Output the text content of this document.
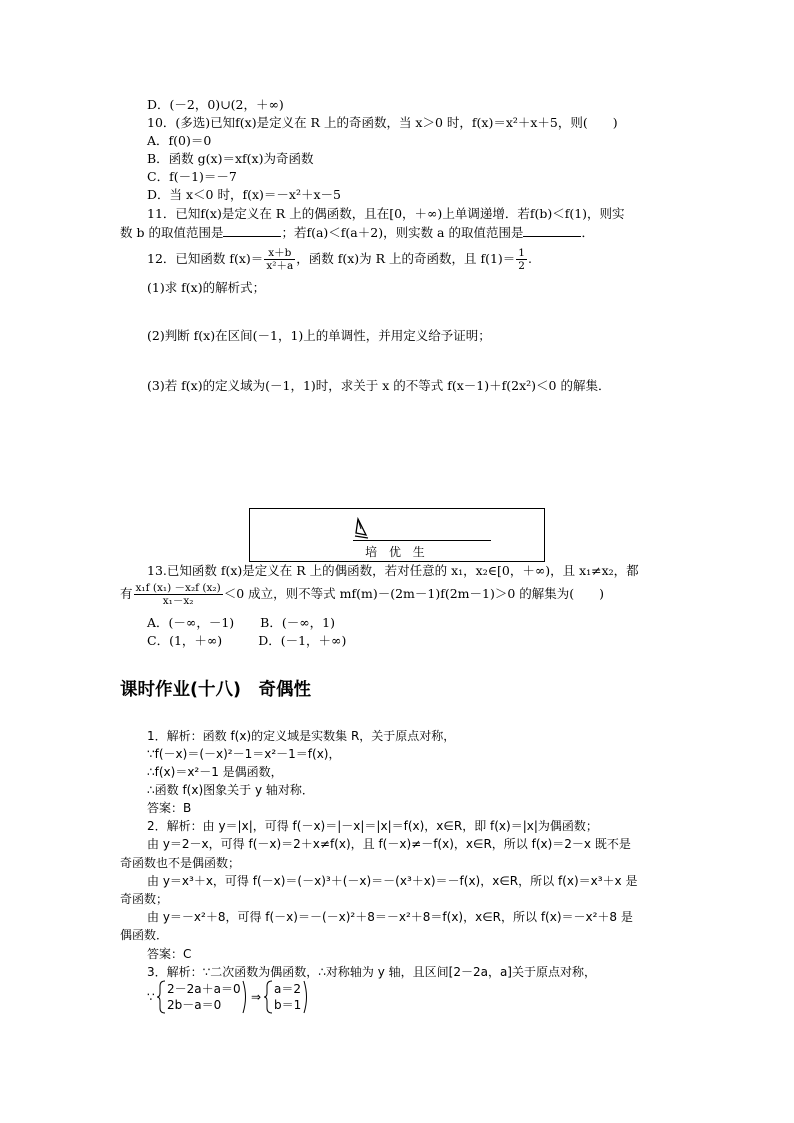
D．(－2，0)∪(2，＋∞)
10．(多选)已知f(x)是定义在 R 上的奇函数，当 x＞0 时，f(x)＝x²＋x＋5，则(　　)
A．f(0)＝0
B．函数 g(x)＝xf(x)为奇函数
C．f(－1)＝－7
D．当 x＜0 时，f(x)＝－x²＋x－5
11．已知f(x)是定义在 R 上的偶函数，且在[0，＋∞)上单调递增．若f(b)＜f(1)，则实
数 b 的取值范围是	；若f(a)＜f(a＋2)，则实数 a 的取值范围是	．
12．已知函数 $f(x)= \frac{x+b}{\text{x²＋a}}$ ，函数 f(x)为 R 上的奇函数，且 $f(1)= \frac{1}{2}$ .
(1)求 f(x)的解析式；
(2)判断 f(x)在区间(－1，1)上的单调性，并用定义给予证明；
(3)若 f(x)的定义域为(－1，1)时，求关于 x 的不等式 f(x－1)＋f(2x²)＜0 的解集．
培 优 生
13.已知函数 f(x)是定义在 R 上的偶函数，若对任意的 x₁，x₂∈[0，＋∞)，且 x₁≠x₂，都
有 $\frac{\text{x₁f (x₁) －x₂f (x₂)}}{\text{x₁－x₂}} <0$ 成立，则不等式 mf(m)－(2m－1)f(2m－1)＞0 的解集为(　　)
A．(－∞，－1) B．(－∞，1)
C．(1，＋∞)	D．(－1，＋∞)
课时作业(十八)　奇偶性
1．解析：函数 f(x)的定义域是实数集 R，关于原点对称，
∵f(－x)＝(－x)²－1＝x²－1＝f(x)，
∴f(x)＝x²－1 是偶函数，
∴函数 f(x)图象关于 y 轴对称．
答案：B
2．解析：由 y＝|x|，可得 f(－x)＝|－x|＝|x|＝f(x)，x∈R，即 f(x)＝|x|为偶函数；
由 y＝2－x，可得 f(－x)＝2＋x≠f(x)，且 f(－x)≠－f(x)，x∈R，所以 f(x)＝2－x 既不是
奇函数也不是偶函数；
由 y＝x³＋x，可得 f(－x)＝(－x)³＋(－x)＝－(x³＋x)＝－f(x)，x∈R，所以 f(x)＝x³＋x 是
奇函数；
由 y＝－x²＋8，可得 f(－x)＝－(－x)²＋8＝－x²＋8＝f(x)，x∈R，所以 f(x)＝－x²＋8 是
偶函数．
答案：C
3．解析：∵二次函数为偶函数，∴对称轴为 y 轴，且区间[2－2a，a]关于原点对称，
∵
2－2a＋a＝0
2b－a＝0
⇒
a＝2
b＝1
